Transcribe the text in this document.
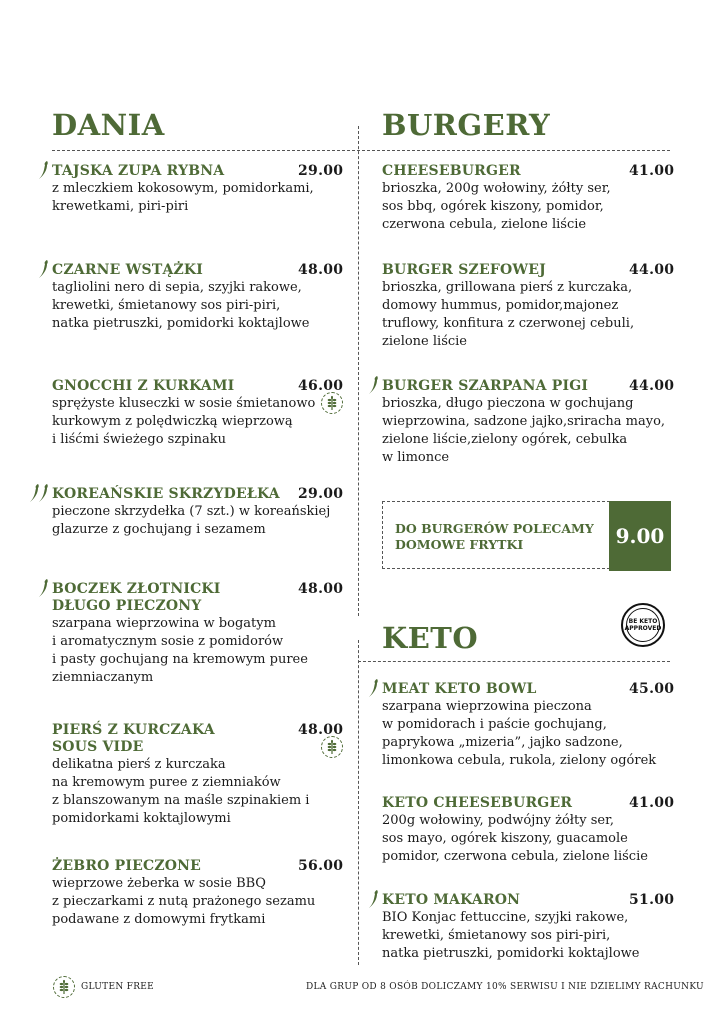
DANIA	BURGERY
KETO
TAJSKA ZUPA RYBNA
z mleczkiem kokosowym, pomidorkami,
krewetkami, piri-piri
29.00
CZARNE WSTĄŻKI
tagliolini nero di sepia, szyjki rakowe,
krewetki, śmietanowy sos piri-piri,
natka pietruszki, pomidorki koktajlowe
48.00
GNOCCHI Z KURKAMI
sprężyste kluseczki w sosie śmietanowo
kurkowym z polędwiczką wieprzową
i liśćmi świeżego szpinaku
46.00
KOREAŃSKIE SKRZYDEŁKA
pieczone skrzydełka (7 szt.) w koreańskiej
glazurze z gochujang i sezamem
29.00
BOCZEK ZŁOTNICKI
DŁUGO PIECZONY
szarpana wieprzowina w bogatym
i aromatycznym sosie z pomidorów
i pasty gochujang na kremowym puree
ziemniaczanym
48.00
PIERŚ Z KURCZAKA
SOUS VIDE
delikatna pierś z kurczaka
na kremowym puree z ziemniaków
z blanszowanym na maśle szpinakiem i
pomidorkami koktajlowymi
48.00
ŻEBRO PIECZONE
wieprzowe żeberka w sosie BBQ
z pieczarkami z nutą prażonego sezamu
podawane z domowymi frytkami
56.00
CHEESEBURGER
brioszka, 200g wołowiny, żółty ser,
sos bbq, ogórek kiszony, pomidor,
czerwona cebula, zielone liście
41.00
BURGER SZEFOWEJ
brioszka, grillowana pierś z kurczaka,
domowy hummus, pomidor,majonez
truflowy, konfitura z czerwonej cebuli,
zielone liście
44.00
BURGER SZARPANA PIGI
brioszka, długo pieczona w gochujang
wieprzowina, sadzone jajko,sriracha mayo,
zielone liście,zielony ogórek, cebulka
w limonce
44.00
DO BURGERÓW POLECAMY
DOMOWE FRYTKI	9.00
BE KETO
APPROVED
MEAT KETO BOWL
szarpana wieprzowina pieczona
w pomidorach i paście gochujang,
paprykowa „mizeria”, jajko sadzone,
limonkowa cebula, rukola, zielony ogórek
45.00
KETO CHEESEBURGER
200g wołowiny, podwójny żółty ser,
sos mayo, ogórek kiszony, guacamole
pomidor, czerwona cebula, zielone liście
41.00
KETO MAKARON
BIO Konjac fettuccine, szyjki rakowe,
krewetki, śmietanowy sos piri-piri,
natka pietruszki, pomidorki koktajlowe
51.00
GLUTEN FREE	DLA GRUP OD 8 OSÓB DOLICZAMY 10% SERWISU I NIE DZIELIMY RACHUNKU
